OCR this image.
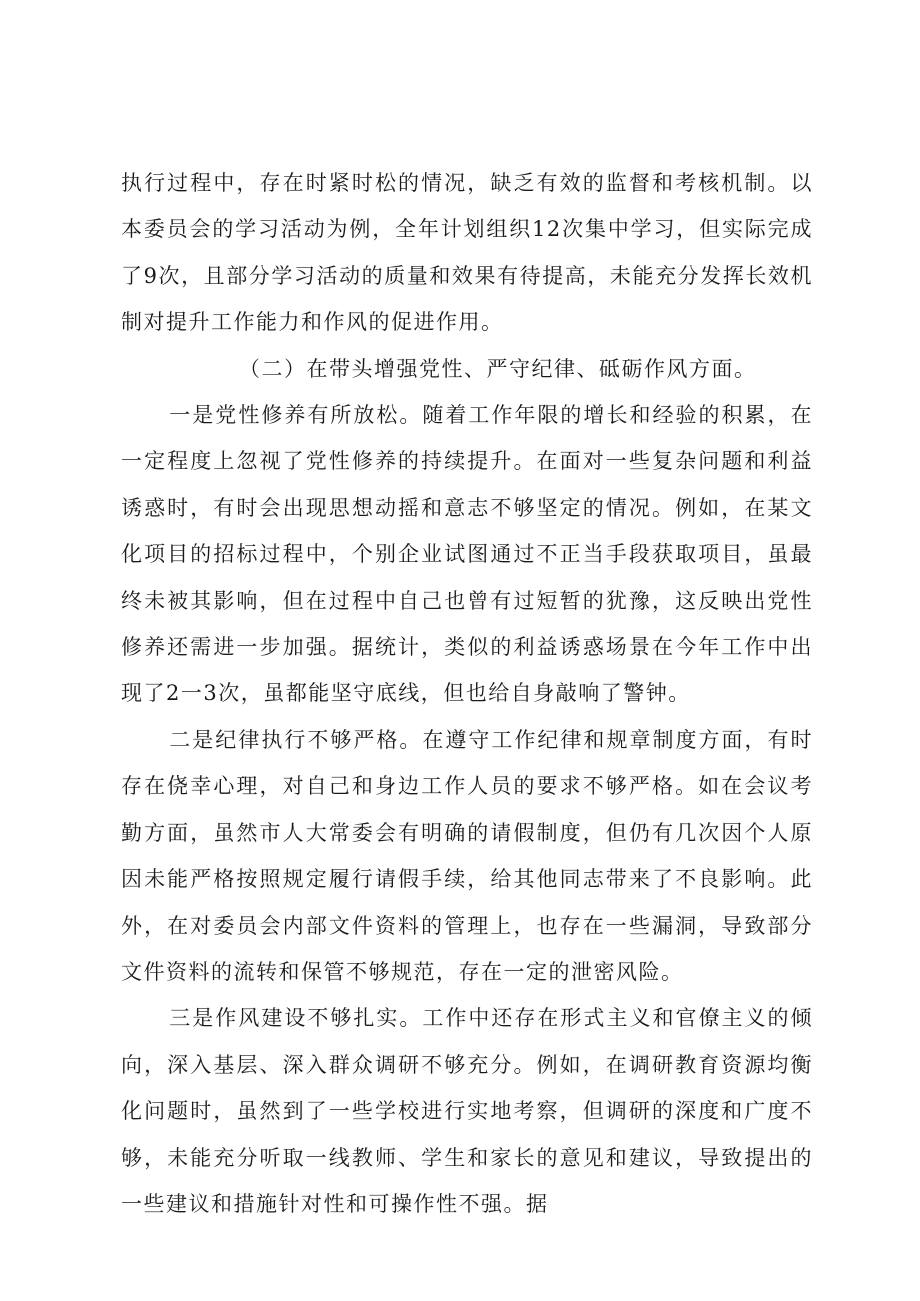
执行过程中，存在时紧时松的情况，缺乏有效的监督和考核机制。以本委员会的学习活动为例，全年计划组织12次集中学习，但实际完成了9次，且部分学习活动的质量和效果有待提高，未能充分发挥长效机制对提升工作能力和作风的促进作用。

（二）在带头增强党性、严守纪律、砥砺作风方面。

一是党性修养有所放松。随着工作年限的增长和经验的积累，在一定程度上忽视了党性修养的持续提升。在面对一些复杂问题和利益诱惑时，有时会出现思想动摇和意志不够坚定的情况。例如，在某文化项目的招标过程中，个别企业试图通过不正当手段获取项目，虽最终未被其影响，但在过程中自己也曾有过短暂的犹豫，这反映出党性修养还需进一步加强。据统计，类似的利益诱惑场景在今年工作中出现了2一3次，虽都能坚守底线，但也给自身敲响了警钟。

二是纪律执行不够严格。在遵守工作纪律和规章制度方面，有时存在侥幸心理，对自己和身边工作人员的要求不够严格。如在会议考勤方面，虽然市人大常委会有明确的请假制度，但仍有几次因个人原因未能严格按照规定履行请假手续，给其他同志带来了不良影响。此外，在对委员会内部文件资料的管理上，也存在一些漏洞，导致部分文件资料的流转和保管不够规范，存在一定的泄密风险。

三是作风建设不够扎实。工作中还存在形式主义和官僚主义的倾向，深入基层、深入群众调研不够充分。例如，在调研教育资源均衡化问题时，虽然到了一些学校进行实地考察，但调研的深度和广度不够，未能充分听取一线教师、学生和家长的意见和建议，导致提出的一些建议和措施针对性和可操作性不强。据
